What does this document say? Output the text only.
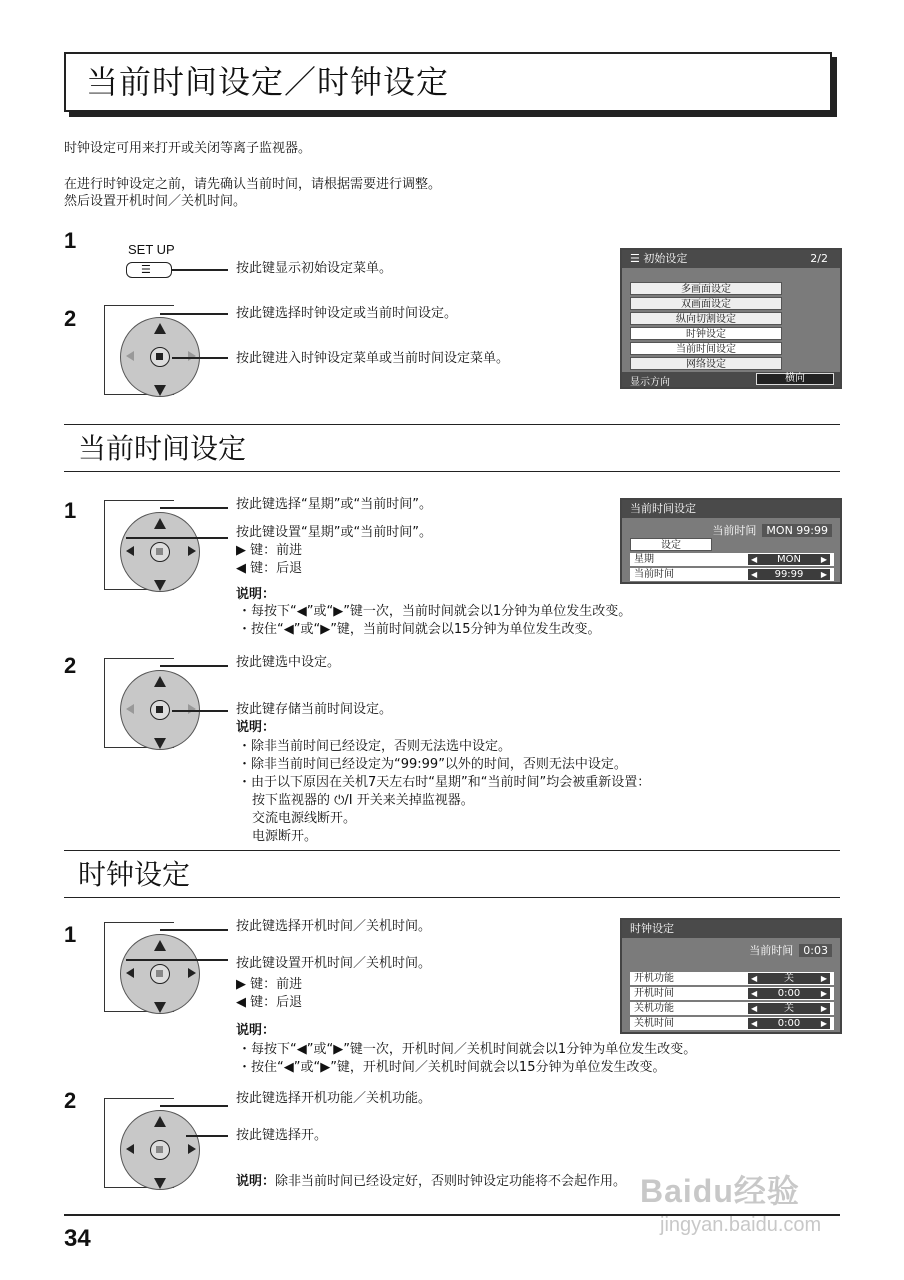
当前时间设定／时钟设定
时钟设定可用来打开或关闭等离子监视器。
在进行时钟设定之前，请先确认当前时间，请根据需要进行调整。
然后设置开机时间／关机时间。
1	SET UP
☰	按此键显示初始设定菜单。
2	按此键选择时钟设定或当前时间设定。
按此键进入时钟设定菜单或当前时间设定菜单。
☰ 初始设定	2/2
多画面设定
双画面设定
纵向切割设定
时钟设定
当前时间设定
网络设定
显示方向	横向
当前时间设定
1	按此键选择“星期”或“当前时间”。
按此键设置“星期”或“当前时间”。
▶ 键：前进
◀ 键：后退
说明：
・每按下“◀”或“▶”键一次，当前时间就会以1分钟为单位发生改变。
・按住“◀”或“▶”键，当前时间就会以15分钟为单位发生改变。
当前时间设定
当前时间 MON 99:99
设定
星期	◀ MON ▶
当前时间	◀ 99:99 ▶
2	按此键选中设定。
按此键存储当前时间设定。
说明：
・除非当前时间已经设定，否则无法选中设定。
・除非当前时间已经设定为“99:99”以外的时间，否则无法中设定。
・由于以下原因在关机7天左右时“星期”和“当前时间”均会被重新设置：
按下监视器的 ⏻/I 开关来关掉监视器。
交流电源线断开。
电源断开。
时钟设定
1	按此键选择开机时间／关机时间。
按此键设置开机时间／关机时间。
▶ 键：前进
◀ 键：后退
说明：
・每按下“◀”或“▶”键一次，开机时间／关机时间就会以1分钟为单位发生改变。
・按住“◀”或“▶”键，开机时间／关机时间就会以15分钟为单位发生改变。
时钟设定
当前时间 0:03
开机功能	◀	关	▶
开机时间	◀ 0:00	▶
关机功能	◀	关	▶
关机时间	◀ 0:00	▶
2	按此键选择开机功能／关机功能。
按此键选择开。
说明：除非当前时间已经设定好，否则时钟设定功能将不会起作用。
34
Baidu经验
jingyan.baidu.com
